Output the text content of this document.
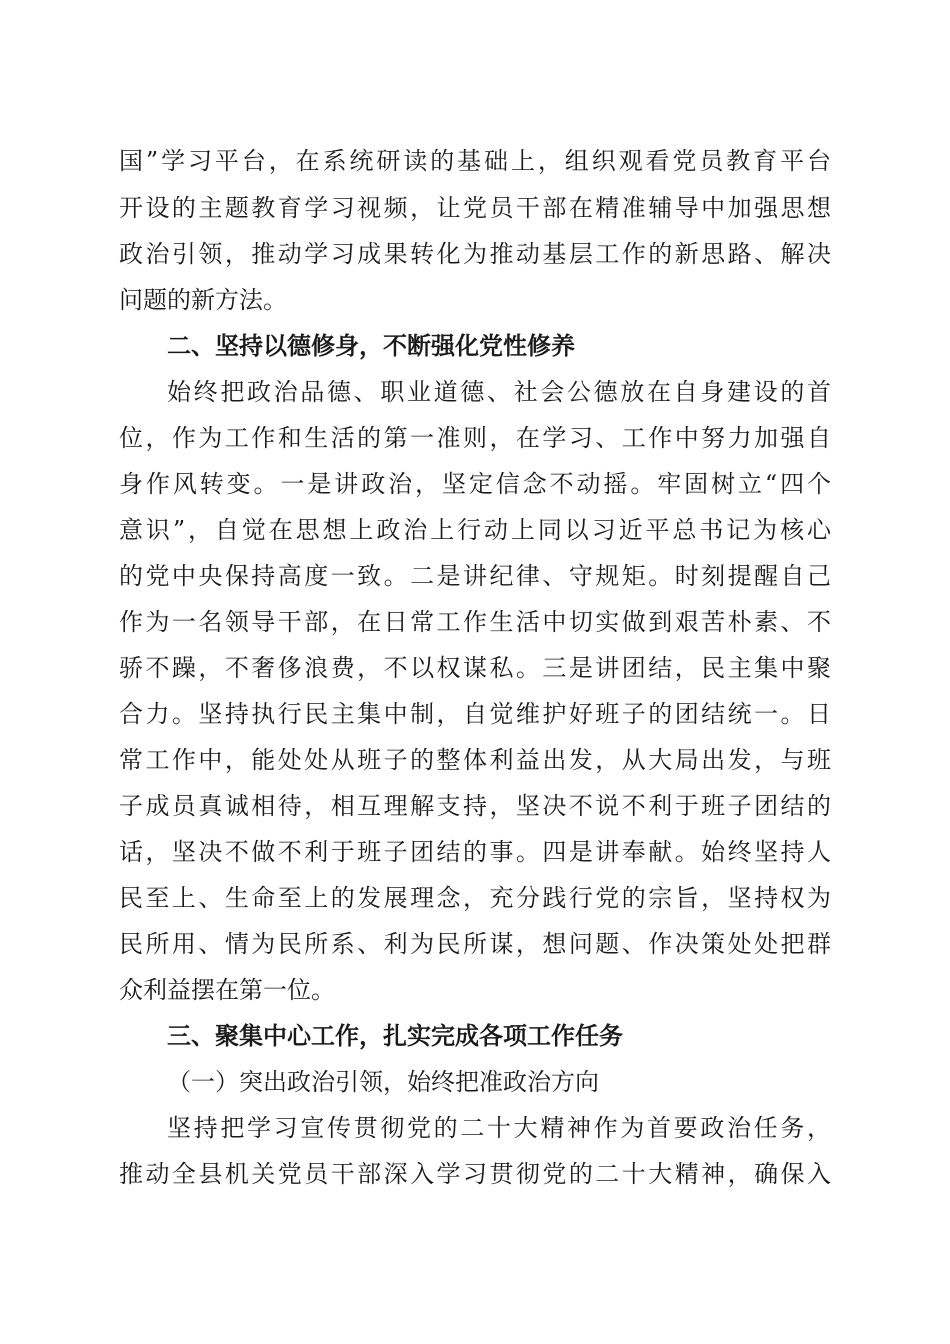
国”学习平台，在系统研读的基础上，组织观看党员教育平台
开设的主题教育学习视频，让党员干部在精准辅导中加强思想
政治引领，推动学习成果转化为推动基层工作的新思路、解决
问题的新方法。
二、坚持以德修身，不断强化党性修养
始终把政治品德、职业道德、社会公德放在自身建设的首
位，作为工作和生活的第一准则，在学习、工作中努力加强自
身作风转变。一是讲政治，坚定信念不动摇。牢固树立“四个
意识”，自觉在思想上政治上行动上同以习近平总书记为核心
的党中央保持高度一致。二是讲纪律、守规矩。时刻提醒自己
作为一名领导干部，在日常工作生活中切实做到艰苦朴素、不
骄不躁，不奢侈浪费，不以权谋私。三是讲团结，民主集中聚
合力。坚持执行民主集中制，自觉维护好班子的团结统一。日
常工作中，能处处从班子的整体利益出发，从大局出发，与班
子成员真诚相待，相互理解支持，坚决不说不利于班子团结的
话，坚决不做不利于班子团结的事。四是讲奉献。始终坚持人
民至上、生命至上的发展理念，充分践行党的宗旨，坚持权为
民所用、情为民所系、利为民所谋，想问题、作决策处处把群
众利益摆在第一位。
三、聚集中心工作，扎实完成各项工作任务
（一）突出政治引领，始终把准政治方向
坚持把学习宣传贯彻党的二十大精神作为首要政治任务，
推动全县机关党员干部深入学习贯彻党的二十大精神，确保入
